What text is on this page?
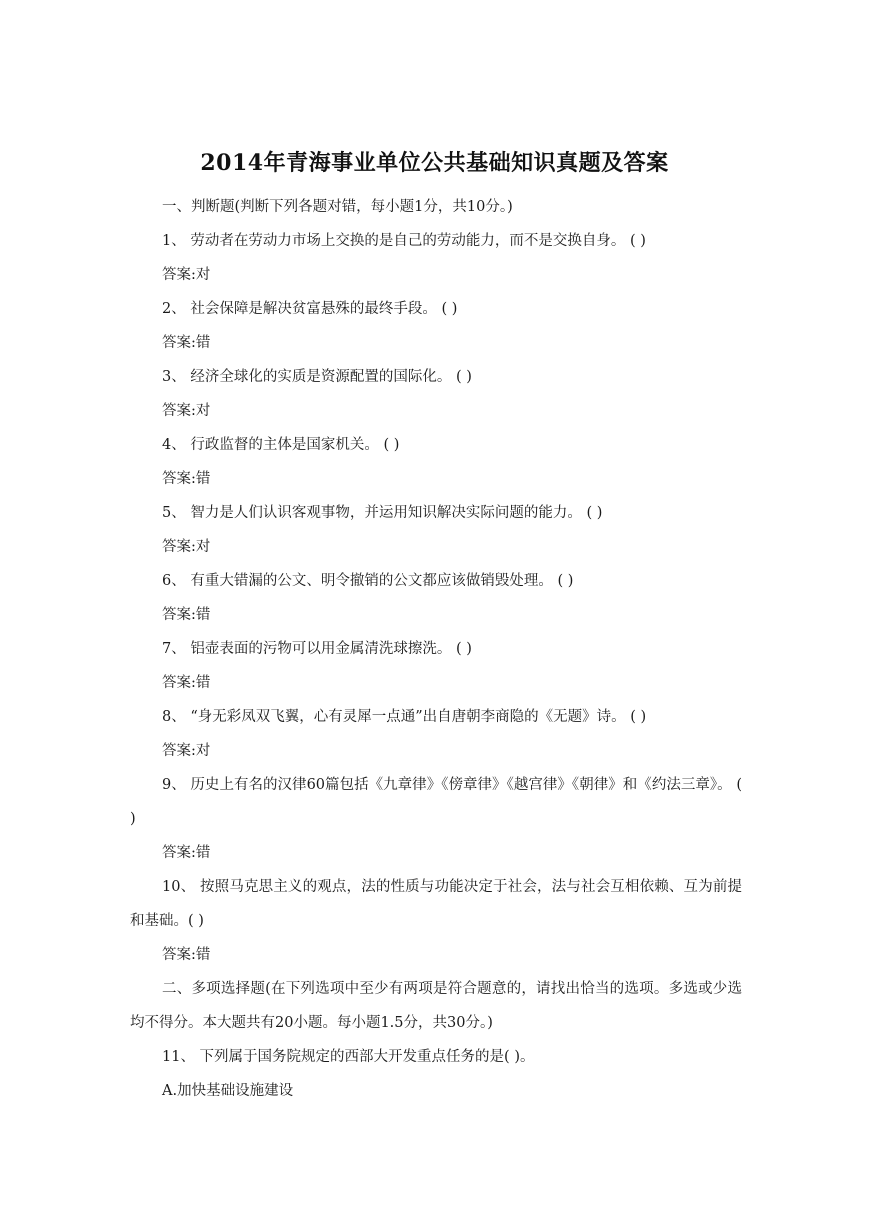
2014年青海事业单位公共基础知识真题及答案

一、判断题(判断下列各题对错，每小题1分，共10分。)

1、 劳动者在劳动力市场上交换的是自己的劳动能力，而不是交换自身。 ( )

答案:对

2、 社会保障是解决贫富悬殊的最终手段。 ( )

答案:错

3、 经济全球化的实质是资源配置的国际化。 ( )

答案:对

4、 行政监督的主体是国家机关。 ( )

答案:错

5、 智力是人们认识客观事物，并运用知识解决实际问题的能力。 ( )

答案:对

6、 有重大错漏的公文、明令撤销的公文都应该做销毁处理。 ( )

答案:错

7、 铝壶表面的污物可以用金属清洗球擦洗。 ( )

答案:错

8、 “身无彩凤双飞翼，心有灵犀一点通”出自唐朝李商隐的《无题》诗。 ( )

答案:对

9、 历史上有名的汉律60篇包括《九章律》《傍章律》《越宫律》《朝律》和《约法三章》。 ( )

答案:错

10、 按照马克思主义的观点，法的性质与功能决定于社会，法与社会互相依赖、互为前提和基础。( )

答案:错

二、多项选择题(在下列选项中至少有两项是符合题意的，请找出恰当的选项。多选或少选均不得分。本大题共有20小题。每小题1.5分，共30分。)

11、 下列属于国务院规定的西部大开发重点任务的是( )。

A.加快基础设施建设
